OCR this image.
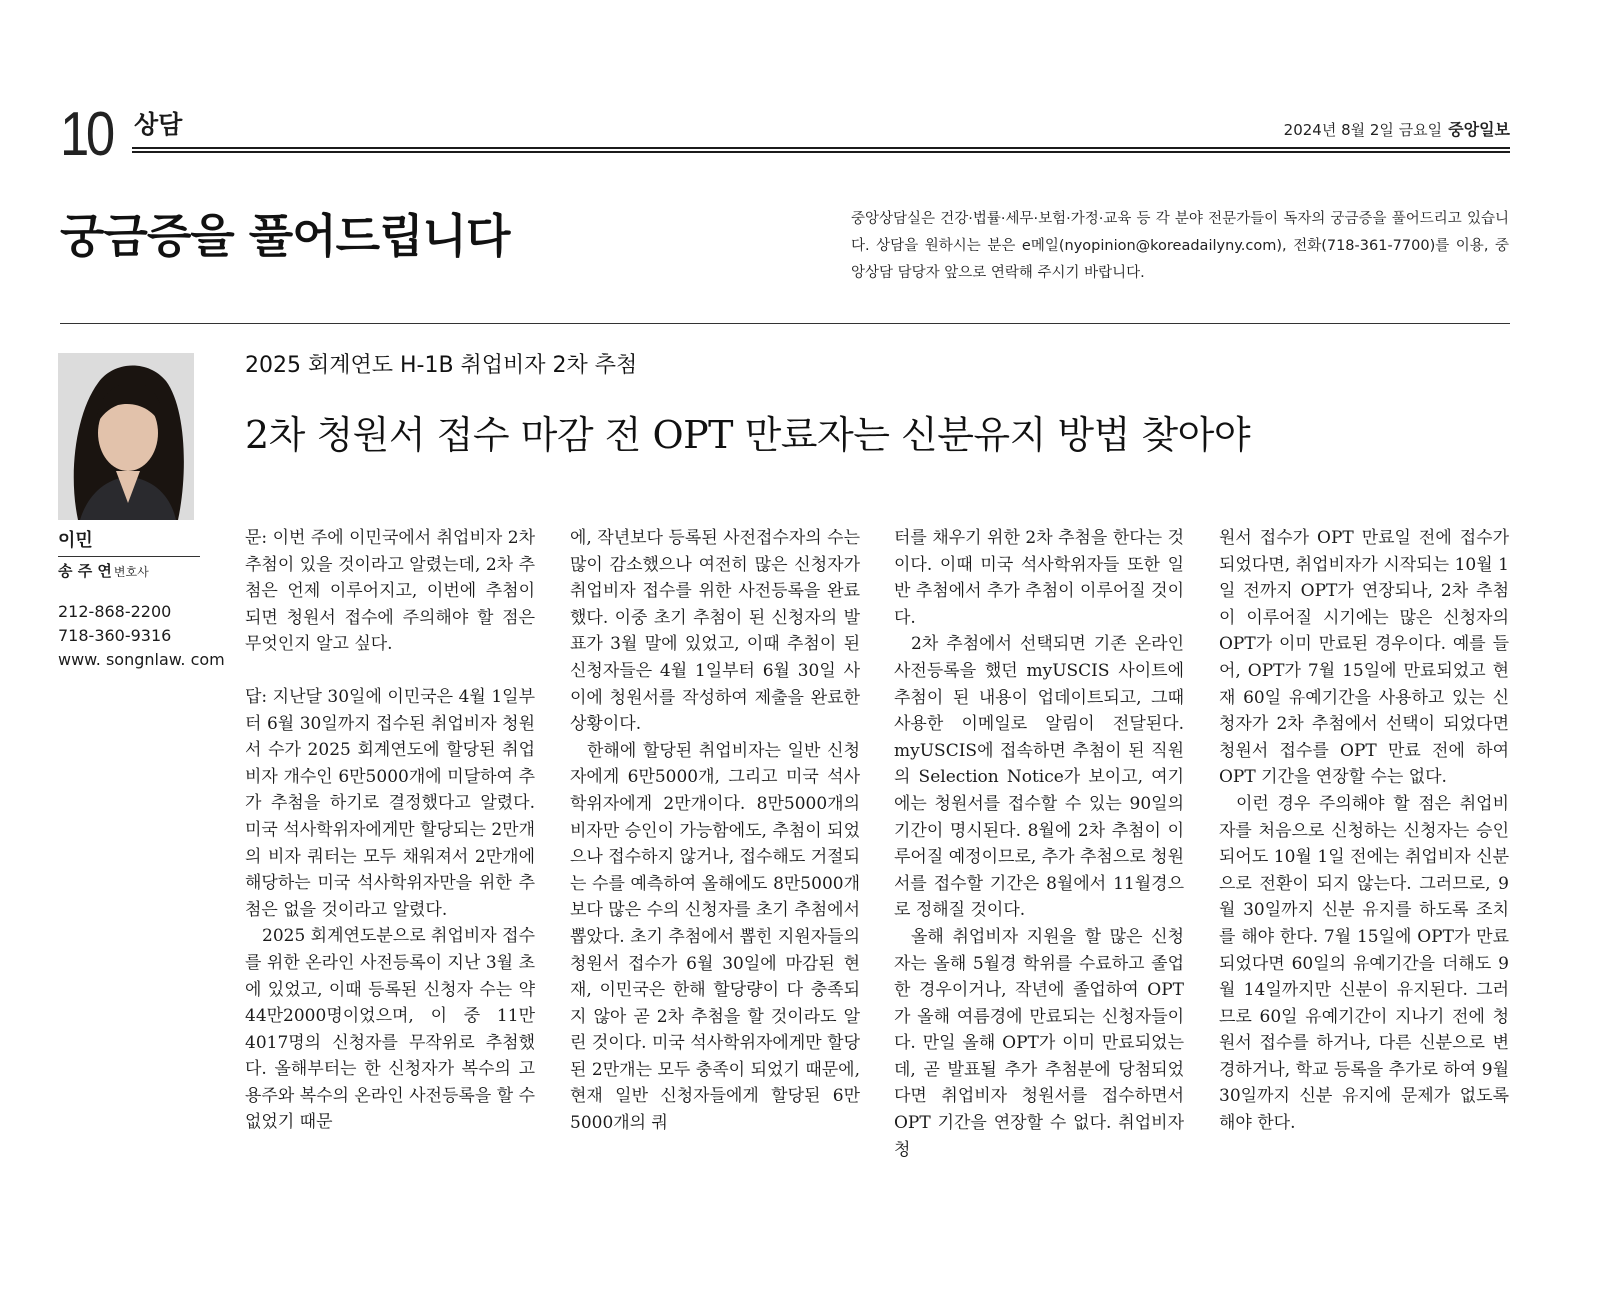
10 상담	2024년 8월 2일 금요일 중앙일보
궁금증을 풀어드립니다	중앙상담실은 건강·법률·세무·보험·가정·교육 등 각 분야 전문가들이 독자의 궁금증을 풀어드리고 있습니다. 상담을 원하시는 분은 e메일(nyopinion@koreadailyny.com), 전화(718-361-7700)를 이용, 중앙상담 담당자 앞으로 연락해 주시기 바랍니다.
이민
송 주 연 변호사
212-868-2200
718-360-9316
www. songnlaw. com
2025 회계연도 H-1B 취업비자 2차 추첨
2차 청원서 접수 마감 전 OPT 만료자는 신분유지 방법 찾아야

문: 이번 주에 이민국에서 취업비자 2차 추첨이 있을 것이라고 알렸는데, 2차 추첨은 언제 이루어지고, 이번에 추첨이 되면 청원서 접수에 주의해야 할 점은 무엇인지 알고 싶다.

답: 지난달 30일에 이민국은 4월 1일부터 6월 30일까지 접수된 취업비자 청원서 수가 2025 회계연도에 할당된 취업비자 개수인 6만5000개에 미달하여 추가 추첨을 하기로 결정했다고 알렸다. 미국 석사학위자에게만 할당되는 2만개의 비자 쿼터는 모두 채워져서 2만개에 해당하는 미국 석사학위자만을 위한 추첨은 없을 것이라고 알렸다.

2025 회계연도분으로 취업비자 접수를 위한 온라인 사전등록이 지난 3월 초에 있었고, 이때 등록된 신청자 수는 약 44만2000명이었으며, 이 중 11만4017명의 신청자를 무작위로 추첨했다. 올해부터는 한 신청자가 복수의 고용주와 복수의 온라인 사전등록을 할 수 없었기 때문

에, 작년보다 등록된 사전접수자의 수는 많이 감소했으나 여전히 많은 신청자가 취업비자 접수를 위한 사전등록을 완료했다. 이중 초기 추첨이 된 신청자의 발표가 3월 말에 있었고, 이때 추첨이 된 신청자들은 4월 1일부터 6월 30일 사이에 청원서를 작성하여 제출을 완료한 상황이다.

한해에 할당된 취업비자는 일반 신청자에게 6만5000개, 그리고 미국 석사학위자에게 2만개이다. 8만5000개의 비자만 승인이 가능함에도, 추첨이 되었으나 접수하지 않거나, 접수해도 거절되는 수를 예측하여 올해에도 8만5000개보다 많은 수의 신청자를 초기 추첨에서 뽑았다. 초기 추첨에서 뽑힌 지원자들의 청원서 접수가 6월 30일에 마감된 현재, 이민국은 한해 할당량이 다 충족되지 않아 곧 2차 추첨을 할 것이라도 알린 것이다. 미국 석사학위자에게만 할당된 2만개는 모두 충족이 되었기 때문에, 현재 일반 신청자들에게 할당된 6만5000개의 쿼

터를 채우기 위한 2차 추첨을 한다는 것이다. 이때 미국 석사학위자들 또한 일반 추첨에서 추가 추첨이 이루어질 것이다.

2차 추첨에서 선택되면 기존 온라인 사전등록을 했던 myUSCIS 사이트에 추첨이 된 내용이 업데이트되고, 그때 사용한 이메일로 알림이 전달된다. myUSCIS에 접속하면 추첨이 된 직원의 Selection Notice가 보이고, 여기에는 청원서를 접수할 수 있는 90일의 기간이 명시된다. 8월에 2차 추첨이 이루어질 예정이므로, 추가 추첨으로 청원서를 접수할 기간은 8월에서 11월경으로 정해질 것이다.

올해 취업비자 지원을 할 많은 신청자는 올해 5월경 학위를 수료하고 졸업한 경우이거나, 작년에 졸업하여 OPT가 올해 여름경에 만료되는 신청자들이다. 만일 올해 OPT가 이미 만료되었는데, 곧 발표될 추가 추첨분에 당첨되었다면 취업비자 청원서를 접수하면서 OPT 기간을 연장할 수 없다. 취업비자 청

원서 접수가 OPT 만료일 전에 접수가 되었다면, 취업비자가 시작되는 10월 1일 전까지 OPT가 연장되나, 2차 추첨이 이루어질 시기에는 많은 신청자의 OPT가 이미 만료된 경우이다. 예를 들어, OPT가 7월 15일에 만료되었고 현재 60일 유예기간을 사용하고 있는 신청자가 2차 추첨에서 선택이 되었다면 청원서 접수를 OPT 만료 전에 하여 OPT 기간을 연장할 수는 없다.

이런 경우 주의해야 할 점은 취업비자를 처음으로 신청하는 신청자는 승인되어도 10월 1일 전에는 취업비자 신분으로 전환이 되지 않는다. 그러므로, 9월 30일까지 신분 유지를 하도록 조치를 해야 한다. 7월 15일에 OPT가 만료되었다면 60일의 유예기간을 더해도 9월 14일까지만 신분이 유지된다. 그러므로 60일 유예기간이 지나기 전에 청원서 접수를 하거나, 다른 신분으로 변경하거나, 학교 등록을 추가로 하여 9월 30일까지 신분 유지에 문제가 없도록 해야 한다.
